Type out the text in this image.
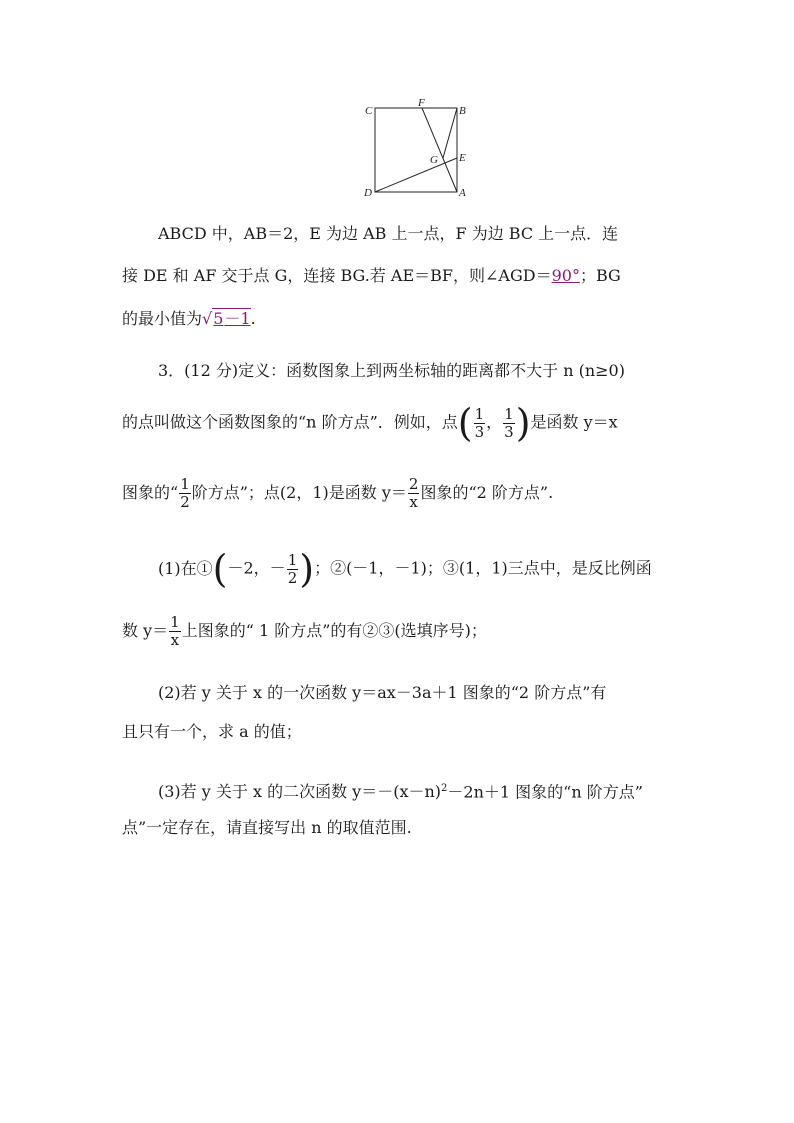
C
F
B
G E
D	A
ABCD 中，AB＝2，E 为边 AB 上一点，F 为边 BC 上一点．连
接 DE 和 AF 交于点 G，连接 BG.若 AE＝BF，则∠AGD＝90°；BG
的最小值为√5－1.
3．(12 分)定义：函数图象上到两坐标轴的距离都不大于 n (n≥0)
的点叫做这个函数图象的“n 阶方点”．例如，点( $\frac{1}{3}$ ， $\frac{1}{3}$ )是函数 y＝x
图象的“ $\frac{1}{2}$ 阶方点”；点(2，1)是函数 $y= \frac{2}{x}$ 图象的“2 阶方点”.
(1)在①(－2，－ $\frac{1}{2}$ )；②(－1，－1)；③(1，1)三点中，是反比例函
数 $y= \frac{1}{x}$ 上图象的“ 1 阶方点”的有②③(选填序号)；
(2)若 y 关于 x 的一次函数 y＝ax－3a＋1 图象的“2 阶方点”有
且只有一个，求 a 的值；
(3)若 y 关于 x 的二次函数 $y=-(x-n)^2-2n+1$ 图象的“n 阶方点”
点”一定存在，请直接写出 n 的取值范围.
